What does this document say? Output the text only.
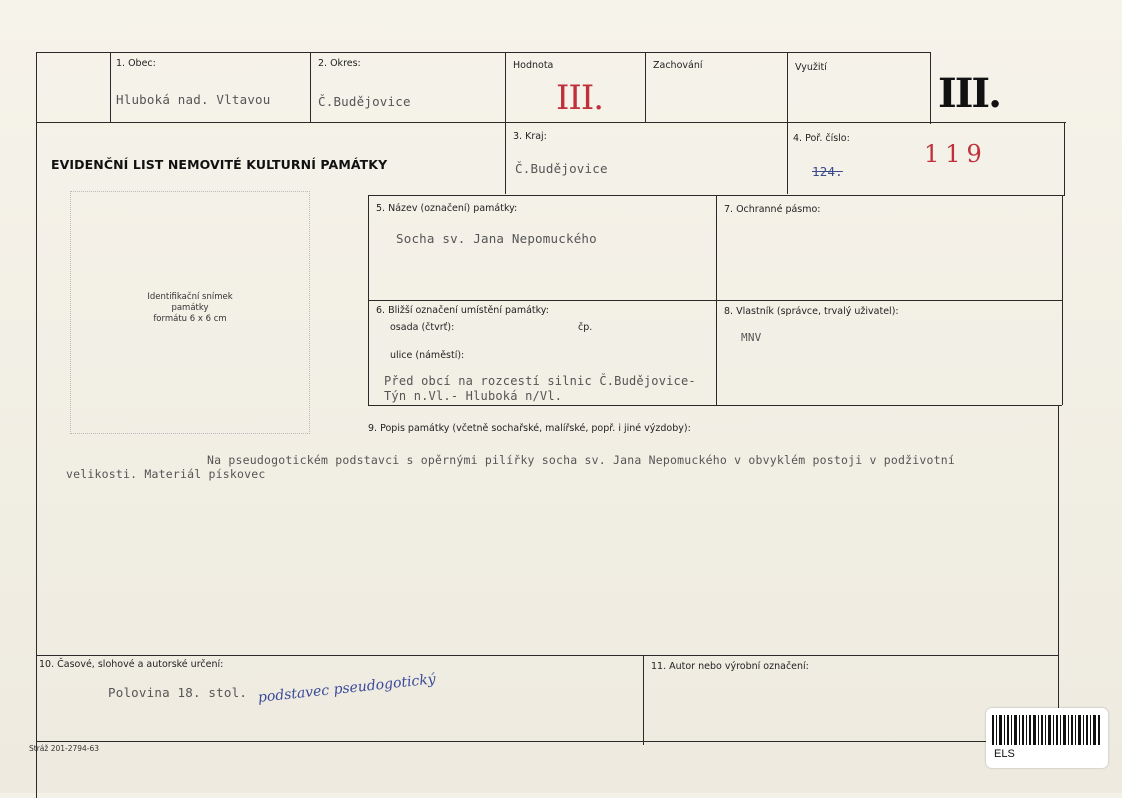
1. Obec:
Hluboká nad. Vltavou
2. Okres:
Č.Budějovice
Hodnota
III.
Zachování	Využití
III.
EVIDENČNÍ LIST NEMOVITÉ KULTURNÍ PAMÁTKY
3. Kraj:
Č.Budějovice
4. Poř. číslo:
124.
119
Identifikační snímek
památky
formátu 6 x 6 cm
5. Název (označení) památky:
Socha sv. Jana Nepomuckého
7. Ochranné pásmo:
6. Bližší označení umístění památky:
osada (čtvrť):	čp.
ulice (náměstí):
Před obcí na rozcestí silnic Č.Budějovice-
Týn n.Vl.- Hluboká n/Vl.
8. Vlastník (správce, trvalý uživatel):
MNV
9. Popis památky (včetně sochařské, malířské, popř. i jiné výzdoby):
Na pseudogotickém podstavci s opěrnými pilířky socha sv. Jana Nepomuckého v obvyklém postoji v podživotní
velikosti. Materiál pískovec
10. Časové, slohové a autorské určení:
Polovina 18. stol. podstavec pseudogotický
11. Autor nebo výrobní označení:
Stráž 201-2794-63	ELS
